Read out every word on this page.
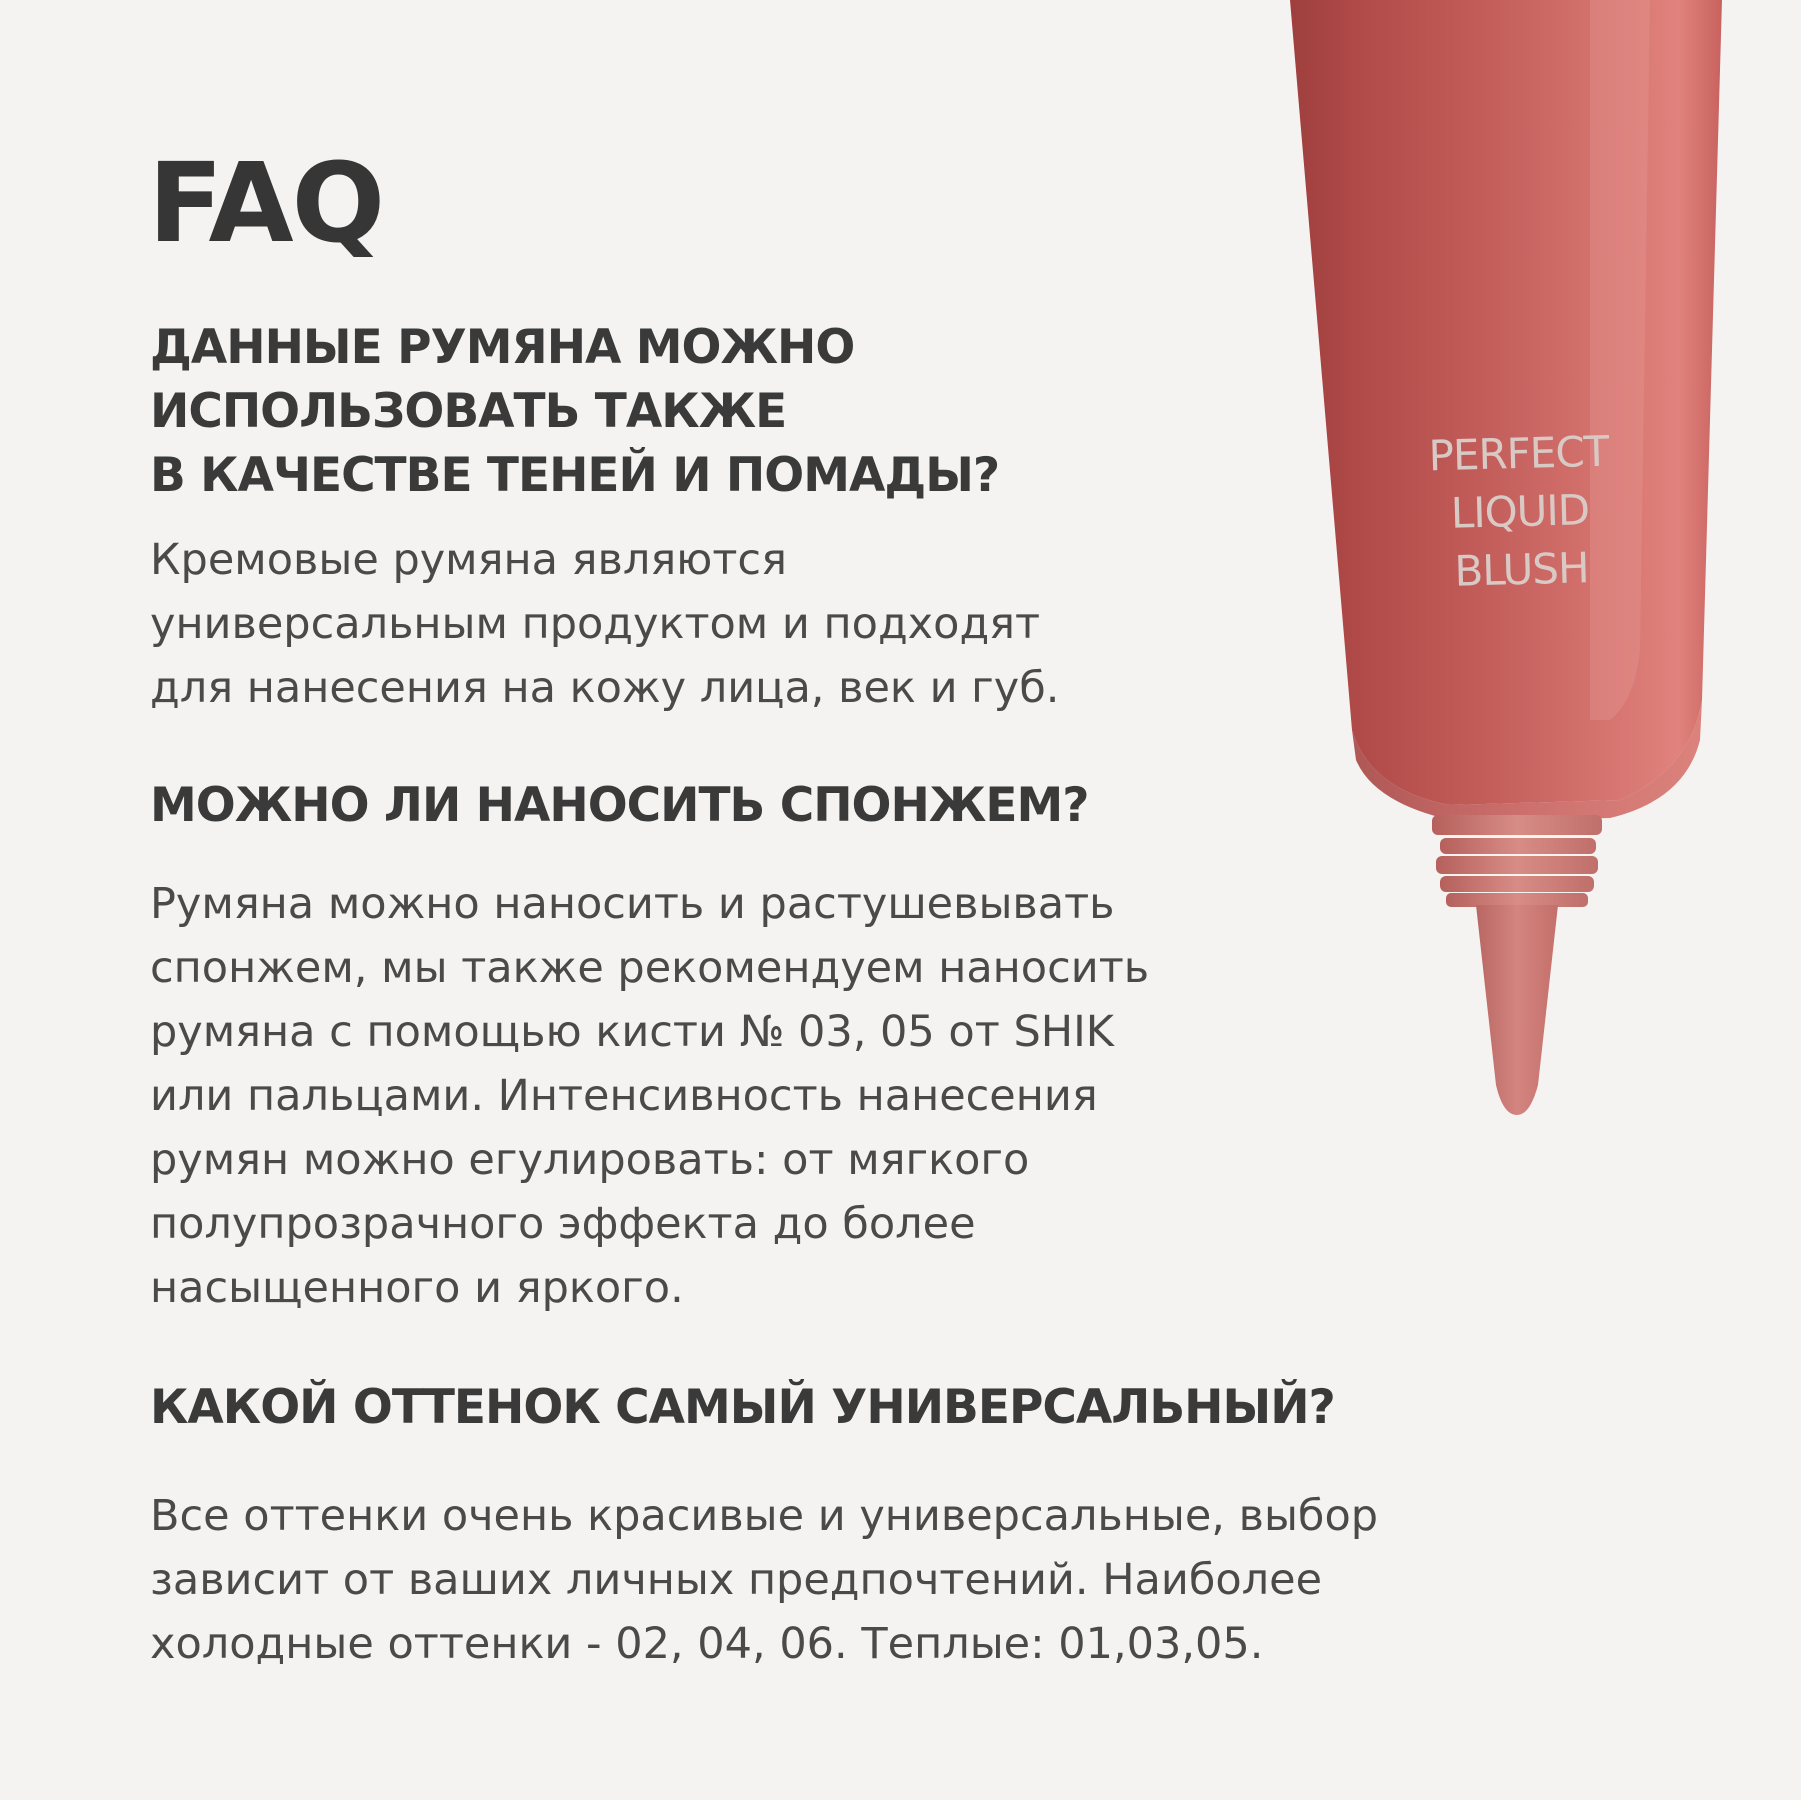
FAQ
ДАННЫЕ РУМЯНА МОЖНО
ИСПОЛЬЗОВАТЬ ТАКЖЕ
В КАЧЕСТВЕ ТЕНЕЙ И ПОМАДЫ?

Кремовые румяна являются
универсальным продуктом и подходят
для нанесения на кожу лица, век и губ.

МОЖНО ЛИ НАНОСИТЬ СПОНЖЕМ?

Румяна можно наносить и растушевывать
спонжем, мы также рекомендуем наносить
румяна с помощью кисти № 03, 05 от SHIK
или пальцами. Интенсивность нанесения
румян можно егулировать: от мягкого
полупрозрачного эффекта до более
насыщенного и яркого.

КАКОЙ ОТТЕНОК САМЫЙ УНИВЕРСАЛЬНЫЙ?

Все оттенки очень красивые и универсальные, выбор
зависит от ваших личных предпочтений. Наиболее
холодные оттенки - 02, 04, 06. Теплые: 01,03,05.

PERFECT
LIQUID
BLUSH
